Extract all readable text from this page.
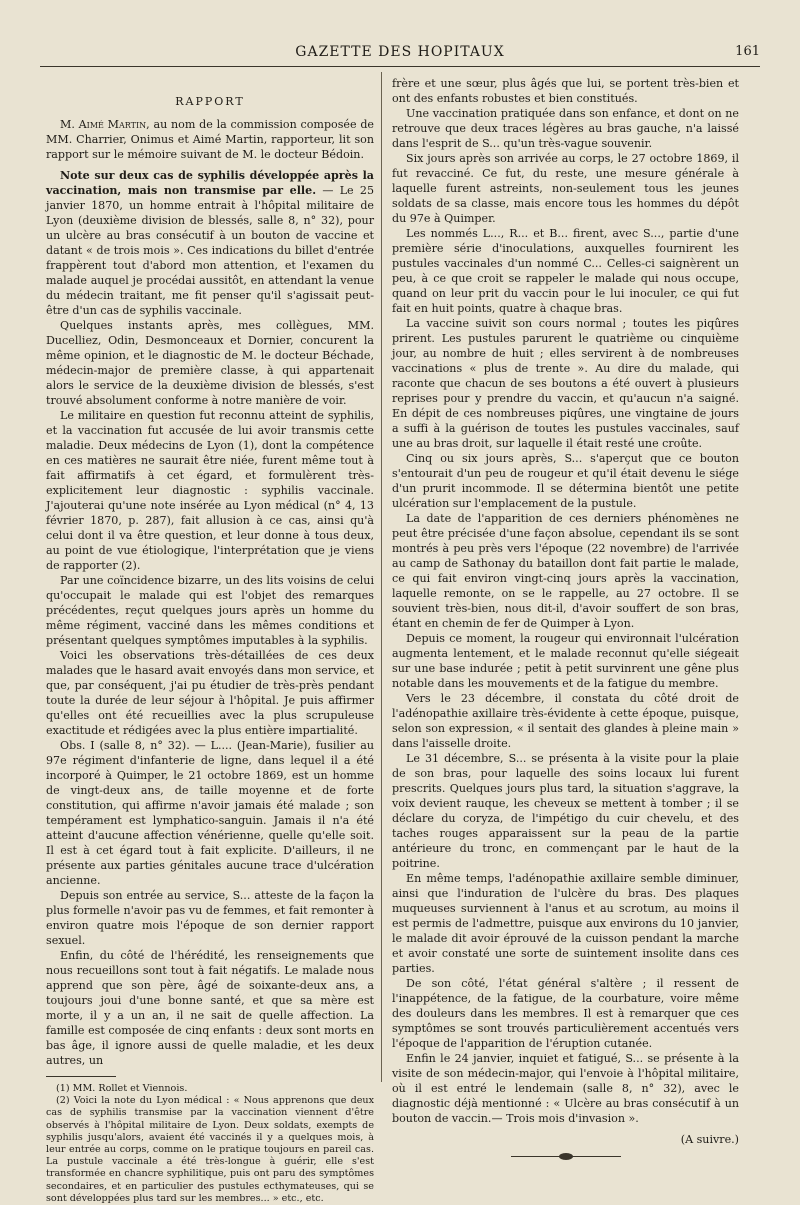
GAZETTE DES HOPITAUX	161
RAPPORT

M. Aimé Martin, au nom de la commission composée de MM. Charrier, Onimus et Aimé Martin, rapporteur, lit son rapport sur le mémoire suivant de M. le docteur Bédoin.

Note sur deux cas de syphilis développée après la vaccination, mais non transmise par elle. — Le 25 janvier 1870, un homme entrait à l'hôpital militaire de Lyon (deuxième division de blessés, salle 8, n° 32), pour un ulcère au bras consécutif à un bouton de vaccine et datant « de trois mois ». Ces indications du billet d'entrée frappèrent tout d'abord mon attention, et l'examen du malade auquel je procédai aussitôt, en attendant la venue du médecin traitant, me fit penser qu'il s'agissait peut-être d'un cas de syphilis vaccinale.

Quelques instants après, mes collègues, MM. Ducelliez, Odin, Desmonceaux et Dornier, concurent la même opinion, et le diagnostic de M. le docteur Béchade, médecin-major de première classe, à qui appartenait alors le service de la deuxième division de blessés, s'est trouvé absolument conforme à notre manière de voir.

Le militaire en question fut reconnu atteint de syphilis, et la vaccination fut accusée de lui avoir transmis cette maladie. Deux médecins de Lyon (1), dont la compétence en ces matières ne saurait être niée, furent même tout à fait affirmatifs à cet égard, et formulèrent très-explicitement leur diagnostic : syphilis vaccinale. J'ajouterai qu'une note insérée au Lyon médical (n° 4, 13 février 1870, p. 287), fait allusion à ce cas, ainsi qu'à celui dont il va être question, et leur donne à tous deux, au point de vue étiologique, l'interprétation que je viens de rapporter (2).

Par une coïncidence bizarre, un des lits voisins de celui qu'occupait le malade qui est l'objet des remarques précédentes, reçut quelques jours après un homme du même régiment, vacciné dans les mêmes conditions et présentant quelques symptômes imputables à la syphilis.

Voici les observations très-détaillées de ces deux malades que le hasard avait envoyés dans mon service, et que, par conséquent, j'ai pu étudier de très-près pendant toute la durée de leur séjour à l'hôpital. Je puis affirmer qu'elles ont été recueillies avec la plus scrupuleuse exactitude et rédigées avec la plus entière impartialité.

Obs. I (salle 8, n° 32). — L.... (Jean-Marie), fusilier au 97e régiment d'infanterie de ligne, dans lequel il a été incorporé à Quimper, le 21 octobre 1869, est un homme de vingt-deux ans, de taille moyenne et de forte constitution, qui affirme n'avoir jamais été malade ; son tempérament est lymphatico-sanguin. Jamais il n'a été atteint d'aucune affection vénérienne, quelle qu'elle soit. Il est à cet égard tout à fait explicite. D'ailleurs, il ne présente aux parties génitales aucune trace d'ulcération ancienne.

Depuis son entrée au service, S... atteste de la façon la plus formelle n'avoir pas vu de femmes, et fait remonter à environ quatre mois l'époque de son dernier rapport sexuel.

Enfin, du côté de l'hérédité, les renseignements que nous recueillons sont tout à fait négatifs. Le malade nous apprend que son père, âgé de soixante-deux ans, a toujours joui d'une bonne santé, et que sa mère est morte, il y a un an, il ne sait de quelle affection. La famille est composée de cinq enfants : deux sont morts en bas âge, il ignore aussi de quelle maladie, et les deux autres, un

(1) MM. Rollet et Viennois.

(2) Voici la note du Lyon médical : « Nous apprenons que deux cas de syphilis transmise par la vaccination viennent d'être observés à l'hôpital militaire de Lyon. Deux soldats, exempts de syphilis jusqu'alors, avaient été vaccinés il y a quelques mois, à leur entrée au corps, comme on le pratique toujours en pareil cas. La pustule vaccinale a été très-longue à guérir, elle s'est transformée en chancre syphilitique, puis ont paru des symptômes secondaires, et en particulier des pustules ecthymateuses, qui se sont développées plus tard sur les membres... » etc., etc.

frère et une sœur, plus âgés que lui, se portent très-bien et ont des enfants robustes et bien constitués.

Une vaccination pratiquée dans son enfance, et dont on ne retrouve que deux traces légères au bras gauche, n'a laissé dans l'esprit de S... qu'un très-vague souvenir.

Six jours après son arrivée au corps, le 27 octobre 1869, il fut revacciné. Ce fut, du reste, une mesure générale à laquelle furent astreints, non-seulement tous les jeunes soldats de sa classe, mais encore tous les hommes du dépôt du 97e à Quimper.

Les nommés L..., R... et B... firent, avec S..., partie d'une première série d'inoculations, auxquelles fournirent les pustules vaccinales d'un nommé C... Celles-ci saignèrent un peu, à ce que croit se rappeler le malade qui nous occupe, quand on leur prit du vaccin pour le lui inoculer, ce qui fut fait en huit points, quatre à chaque bras.

La vaccine suivit son cours normal ; toutes les piqûres prirent. Les pustules parurent le quatrième ou cinquième jour, au nombre de huit ; elles servirent à de nombreuses vaccinations « plus de trente ». Au dire du malade, qui raconte que chacun de ses boutons a été ouvert à plusieurs reprises pour y prendre du vaccin, et qu'aucun n'a saigné. En dépit de ces nombreuses piqûres, une vingtaine de jours a suffi à la guérison de toutes les pustules vaccinales, sauf une au bras droit, sur laquelle il était resté une croûte.

Cinq ou six jours après, S... s'aperçut que ce bouton s'entourait d'un peu de rougeur et qu'il était devenu le siége d'un prurit incommode. Il se détermina bientôt une petite ulcération sur l'emplacement de la pustule.

La date de l'apparition de ces derniers phénomènes ne peut être précisée d'une façon absolue, cependant ils se sont montrés à peu près vers l'époque (22 novembre) de l'arrivée au camp de Sathonay du bataillon dont fait partie le malade, ce qui fait environ vingt-cinq jours après la vaccination, laquelle remonte, on se le rappelle, au 27 octobre. Il se souvient très-bien, nous dit-il, d'avoir souffert de son bras, étant en chemin de fer de Quimper à Lyon.

Depuis ce moment, la rougeur qui environnait l'ulcération augmenta lentement, et le malade reconnut qu'elle siégeait sur une base indurée ; petit à petit survinrent une gêne plus notable dans les mouvements et de la fatigue du membre.

Vers le 23 décembre, il constata du côté droit de l'adénopathie axillaire très-évidente à cette époque, puisque, selon son expression, « il sentait des glandes à pleine main » dans l'aisselle droite.

Le 31 décembre, S... se présenta à la visite pour la plaie de son bras, pour laquelle des soins locaux lui furent prescrits. Quelques jours plus tard, la situation s'aggrave, la voix devient rauque, les cheveux se mettent à tomber ; il se déclare du coryza, de l'impétigo du cuir chevelu, et des taches rouges apparaissent sur la peau de la partie antérieure du tronc, en commençant par le haut de la poitrine.

En même temps, l'adénopathie axillaire semble diminuer, ainsi que l'induration de l'ulcère du bras. Des plaques muqueuses surviennent à l'anus et au scrotum, au moins il est permis de l'admettre, puisque aux environs du 10 janvier, le malade dit avoir éprouvé de la cuisson pendant la marche et avoir constaté une sorte de suintement insolite dans ces parties.

De son côté, l'état général s'altère ; il ressent de l'inappétence, de la fatigue, de la courbature, voire même des douleurs dans les membres. Il est à remarquer que ces symptômes se sont trouvés particulièrement accentués vers l'époque de l'apparition de l'éruption cutanée.

Enfin le 24 janvier, inquiet et fatigué, S... se présente à la visite de son médecin-major, qui l'envoie à l'hôpital militaire, où il est entré le lendemain (salle 8, n° 32), avec le diagnostic déjà mentionné : « Ulcère au bras consécutif à un bouton de vaccin.— Trois mois d'invasion ».

(A suivre.)
